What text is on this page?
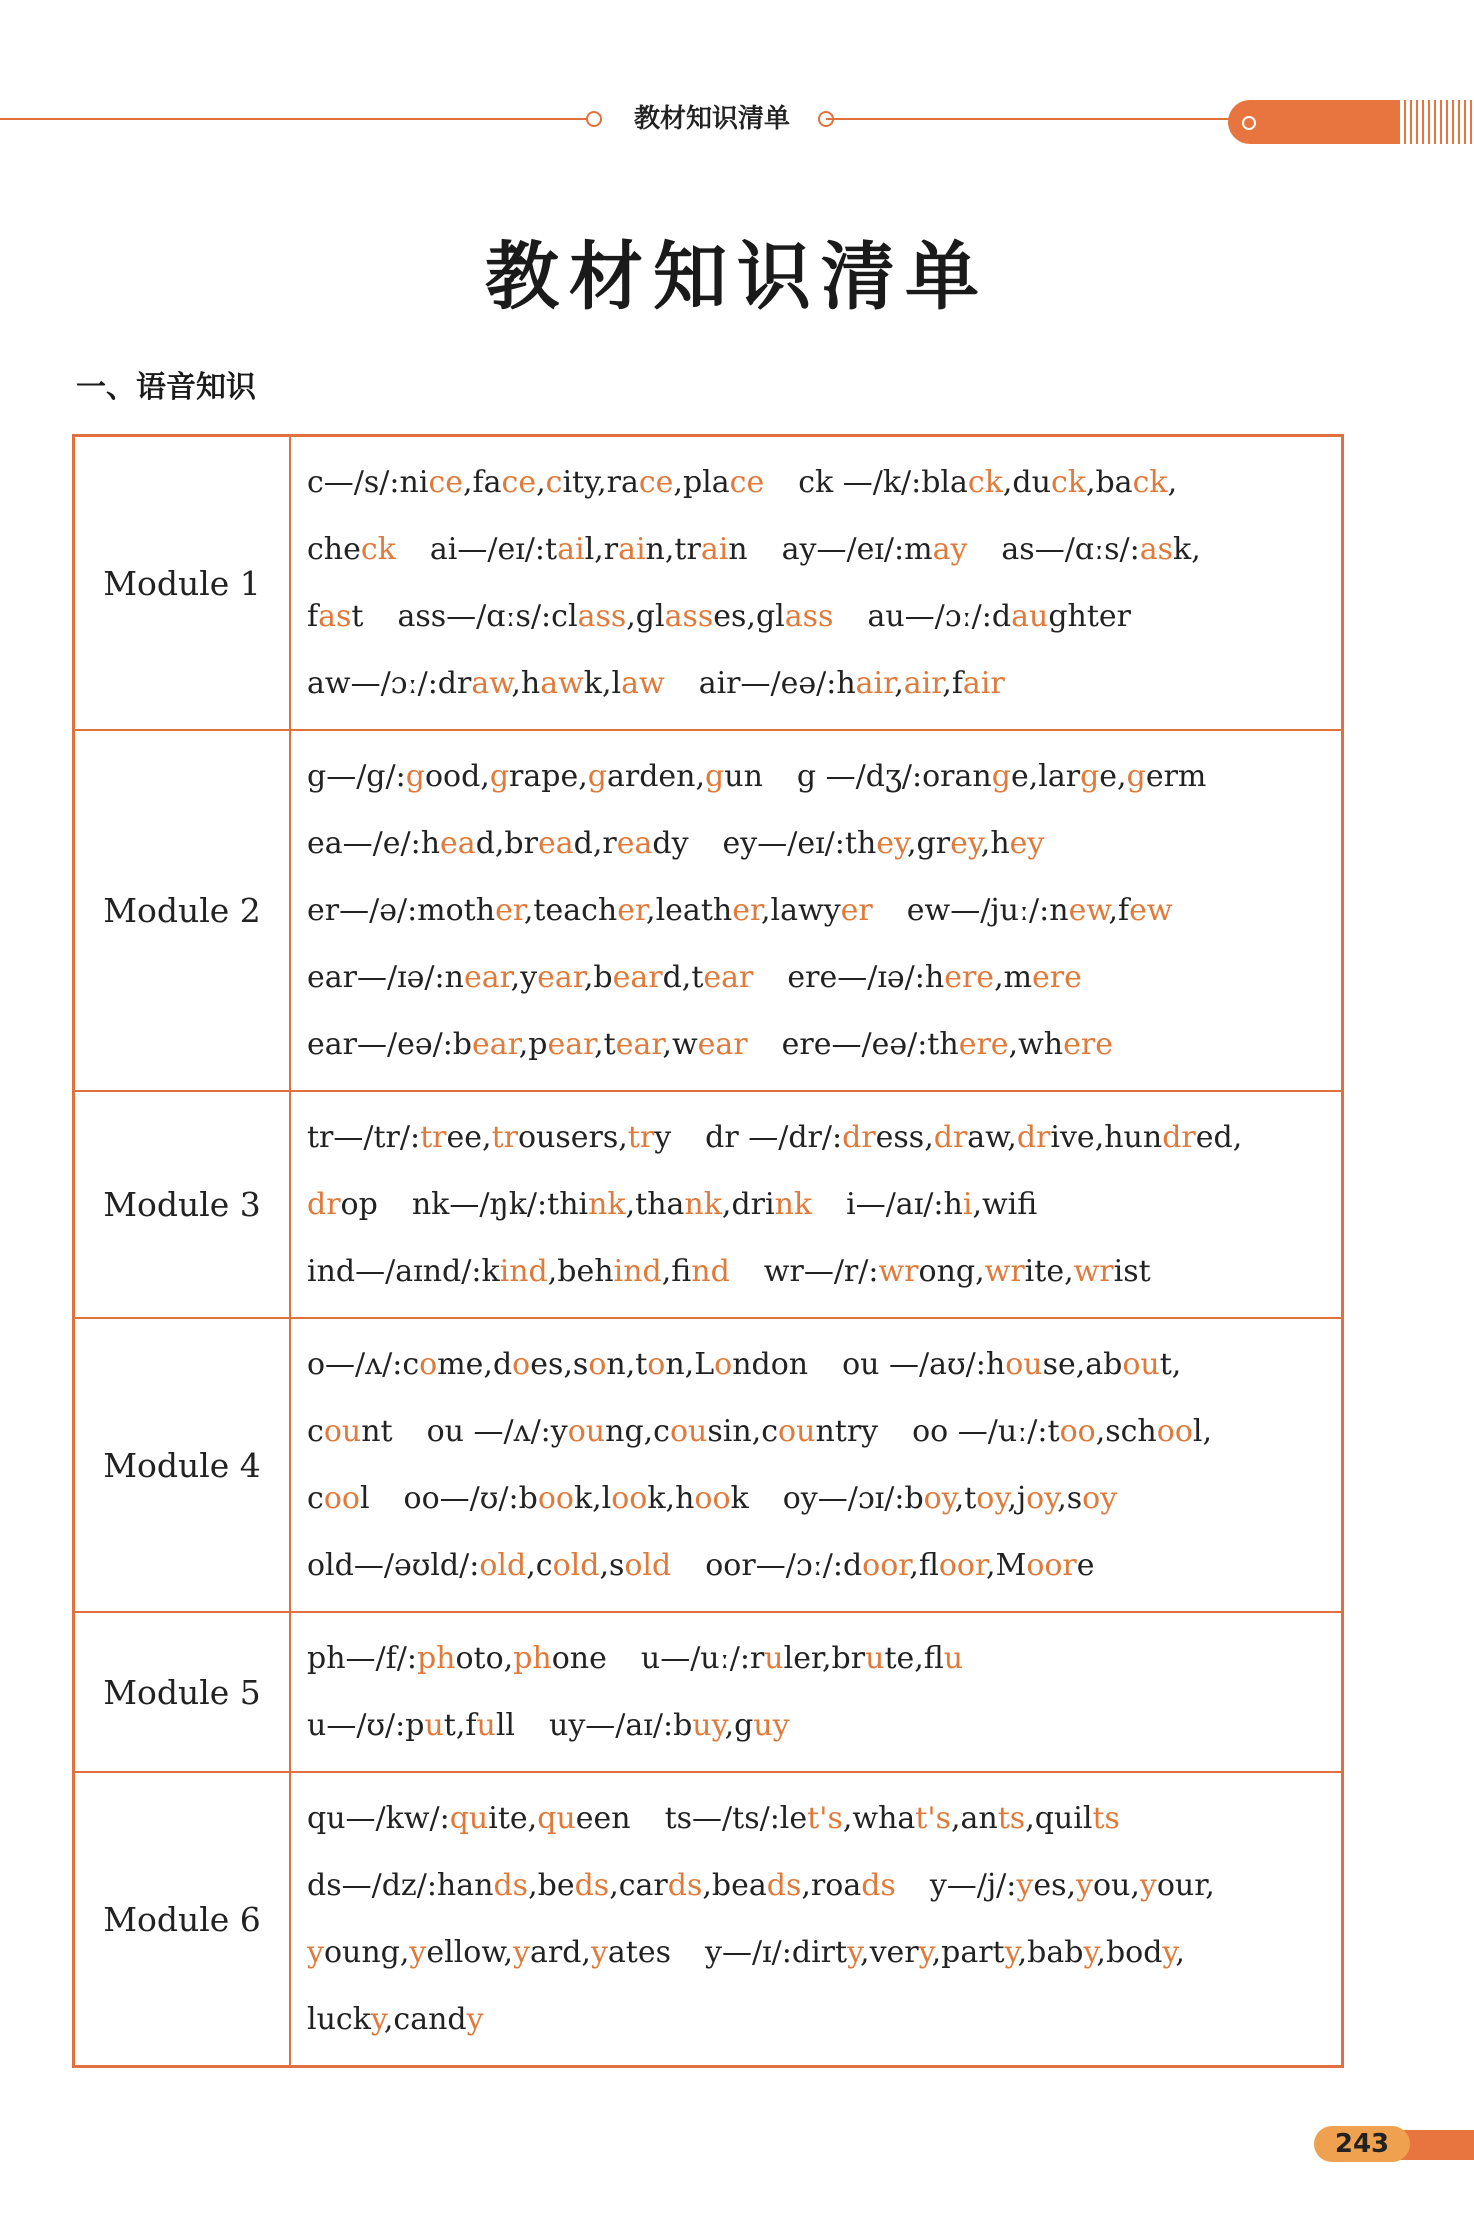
教材知识清单
教材知识清单
一、语音知识
Module 1	c—/s/:nice,face,city,race,place ck —/k/:black,duck,back,
check ai—/eɪ/:tail,rain,train ay—/eɪ/:may as—/ɑːs/:ask,
fast ass—/ɑːs/:class,glasses,glass au—/ɔː/:daughter
aw—/ɔː/:draw,hawk,law air—/eə/:hair,air,fair

Module 2	g—/g/:good,grape,garden,gun g —/dʒ/:orange,large,germ
ea—/e/:head,bread,ready ey—/eɪ/:they,grey,hey
er—/ə/:mother,teacher,leather,lawyer ew—/juː/:new,few
ear—/ɪə/:near,year,beard,tear ere—/ɪə/:here,mere
ear—/eə/:bear,pear,tear,wear ere—/eə/:there,where

Module 3	tr—/tr/:tree,trousers,try dr —/dr/:dress,draw,drive,hundred,
drop nk—/ŋk/:think,thank,drink i—/aɪ/:hi,wif
ind—/aɪnd/:kind,behind,find wr—/r/:wrong,write,wrist

Module 4	o—/ʌ/:come,does,son,ton,London ou —/aʊ/:house,about,
count ou —/ʌ/:young,cousin,country oo —/uː/:too,school,
cool oo—/ʊ/:book,look,hook oy—/ɔɪ/:boy,toy,joy,soy
old—/əʊld/:old,cold,sold oor—/ɔː/:door,floor,Moore

Module 5	ph—/f/:photo,phone u—/uː/:ruler,brute,flu
u—/ʊ/:put,full uy—/aɪ/:buy,guy

Module 6	qu—/kw/:quite,queen ts—/ts/:let's,what's,ants,quilts
ds—/dz/:hands,beds,cards,beads,roads y—/j/:yes,you,your,
young,yellow,yard,yates y—/ɪ/:dirty,very,party,baby,body,
lucky,candy
243
